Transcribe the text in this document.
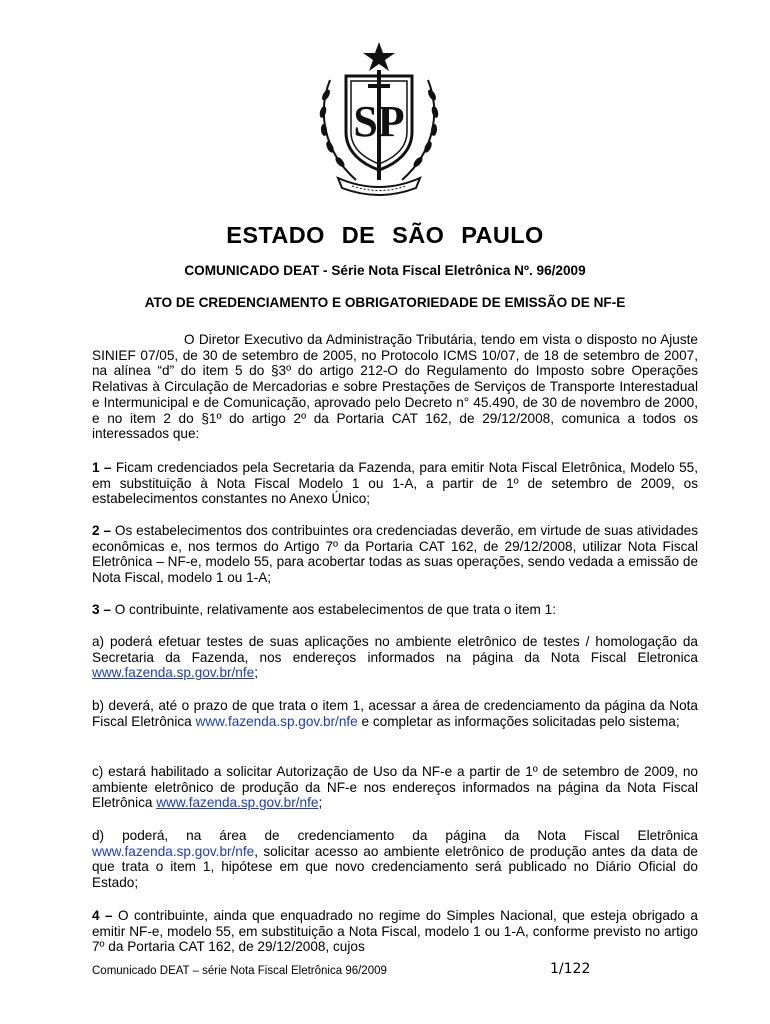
SP
ESTADO DE SÃO PAULO
COMUNICADO DEAT - Série Nota Fiscal Eletrônica Nº. 96/2009
ATO DE CREDENCIAMENTO E OBRIGATORIEDADE DE EMISSÃO DE NF-E

O Diretor Executivo da Administração Tributária, tendo em vista o disposto no Ajuste SINIEF 07/05, de 30 de setembro de 2005, no Protocolo ICMS 10/07, de 18 de setembro de 2007, na alínea “d” do item 5 do §3º do artigo 212-O do Regulamento do Imposto sobre Operações Relativas à Circulação de Mercadorias e sobre Prestações de Serviços de Transporte Interestadual e Intermunicipal e de Comunicação, aprovado pelo Decreto n° 45.490, de 30 de novembro de 2000, e no item 2 do §1º do artigo 2º da Portaria CAT 162, de 29/12/2008, comunica a todos os interessados que:

1 – Ficam credenciados pela Secretaria da Fazenda, para emitir Nota Fiscal Eletrônica, Modelo 55, em substituição à Nota Fiscal Modelo 1 ou 1-A, a partir de 1º de setembro de 2009, os estabelecimentos constantes no Anexo Único;

2 – Os estabelecimentos dos contribuintes ora credenciadas deverão, em virtude de suas atividades econômicas e, nos termos do Artigo 7º da Portaria CAT 162, de 29/12/2008, utilizar Nota Fiscal Eletrônica – NF-e, modelo 55, para acobertar todas as suas operações, sendo vedada a emissão de Nota Fiscal, modelo 1 ou 1-A;

3 – O contribuinte, relativamente aos estabelecimentos de que trata o item 1:

a) poderá efetuar testes de suas aplicações no ambiente eletrônico de testes / homologação da Secretaria da Fazenda, nos endereços informados na página da Nota Fiscal Eletronica www.fazenda.sp.gov.br/nfe;

b) deverá, até o prazo de que trata o item 1, acessar a área de credenciamento da página da Nota Fiscal Eletrônica www.fazenda.sp.gov.br/nfe e completar as informações solicitadas pelo sistema;

c) estará habilitado a solicitar Autorização de Uso da NF-e a partir de 1º de setembro de 2009, no ambiente eletrônico de produção da NF-e nos endereços informados na página da Nota Fiscal Eletrônica www.fazenda.sp.gov.br/nfe;

d) poderá, na área de credenciamento da página da Nota Fiscal Eletrônica www.fazenda.sp.gov.br/nfe, solicitar acesso ao ambiente eletrônico de produção antes da data de que trata o item 1, hipótese em que novo credenciamento será publicado no Diário Oficial do Estado;

4 – O contribuinte, ainda que enquadrado no regime do Simples Nacional, que esteja obrigado a emitir NF-e, modelo 55, em substituição a Nota Fiscal, modelo 1 ou 1-A, conforme previsto no artigo 7º da Portaria CAT 162, de 29/12/2008, cujos

Comunicado DEAT – série Nota Fiscal Eletrônica 96/2009	1/122
